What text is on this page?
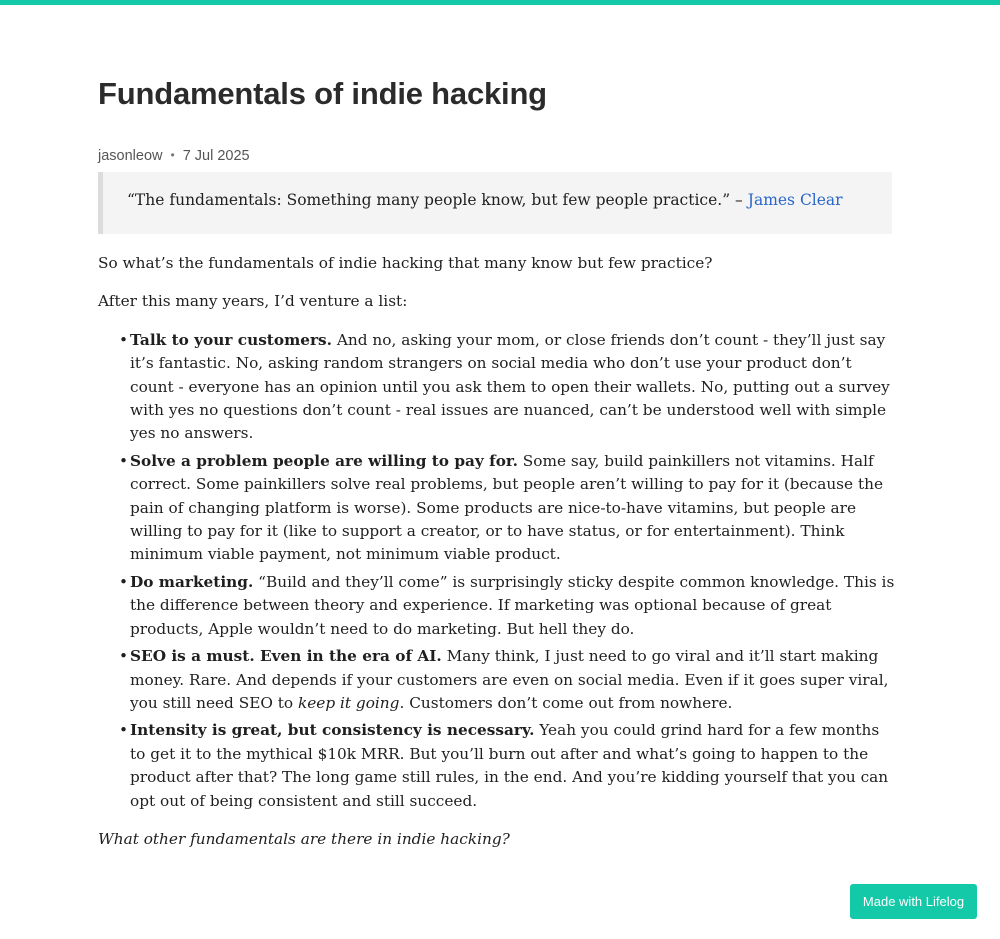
Fundamentals of indie hacking
jasonleow • 7 Jul 2025
“The fundamentals: Something many people know, but few people practice.” – James Clear

So what’s the fundamentals of indie hacking that many know but few practice?

After this many years, I’d venture a list:

• Talk to your customers. And no, asking your mom, or close friends don’t count - they’ll just say it’s fantastic. No, asking random strangers on social media who don’t use your product don’t count - everyone has an opinion until you ask them to open their wallets. No, putting out a survey with yes no questions don’t count - real issues are nuanced, can’t be understood well with simple yes no answers.
• Solve a problem people are willing to pay for. Some say, build painkillers not vitamins. Half correct. Some painkillers solve real problems, but people aren’t willing to pay for it (because the pain of changing platform is worse). Some products are nice-to-have vitamins, but people are willing to pay for it (like to support a creator, or to have status, or for entertainment). Think minimum viable payment, not minimum viable product.
• Do marketing. “Build and they’ll come” is surprisingly sticky despite common knowledge. This is the difference between theory and experience. If marketing was optional because of great products, Apple wouldn’t need to do marketing. But hell they do.
• SEO is a must. Even in the era of AI. Many think, I just need to go viral and it’ll start making money. Rare. And depends if your customers are even on social media. Even if it goes super viral, you still need SEO to keep it going. Customers don’t come out from nowhere.
• Intensity is great, but consistency is necessary. Yeah you could grind hard for a few months to get it to the mythical $10k MRR. But you’ll burn out after and what’s going to happen to the product after that? The long game still rules, in the end. And you’re kidding yourself that you can opt out of being consistent and still succeed.

What other fundamentals are there in indie hacking?

Made with Lifelog
